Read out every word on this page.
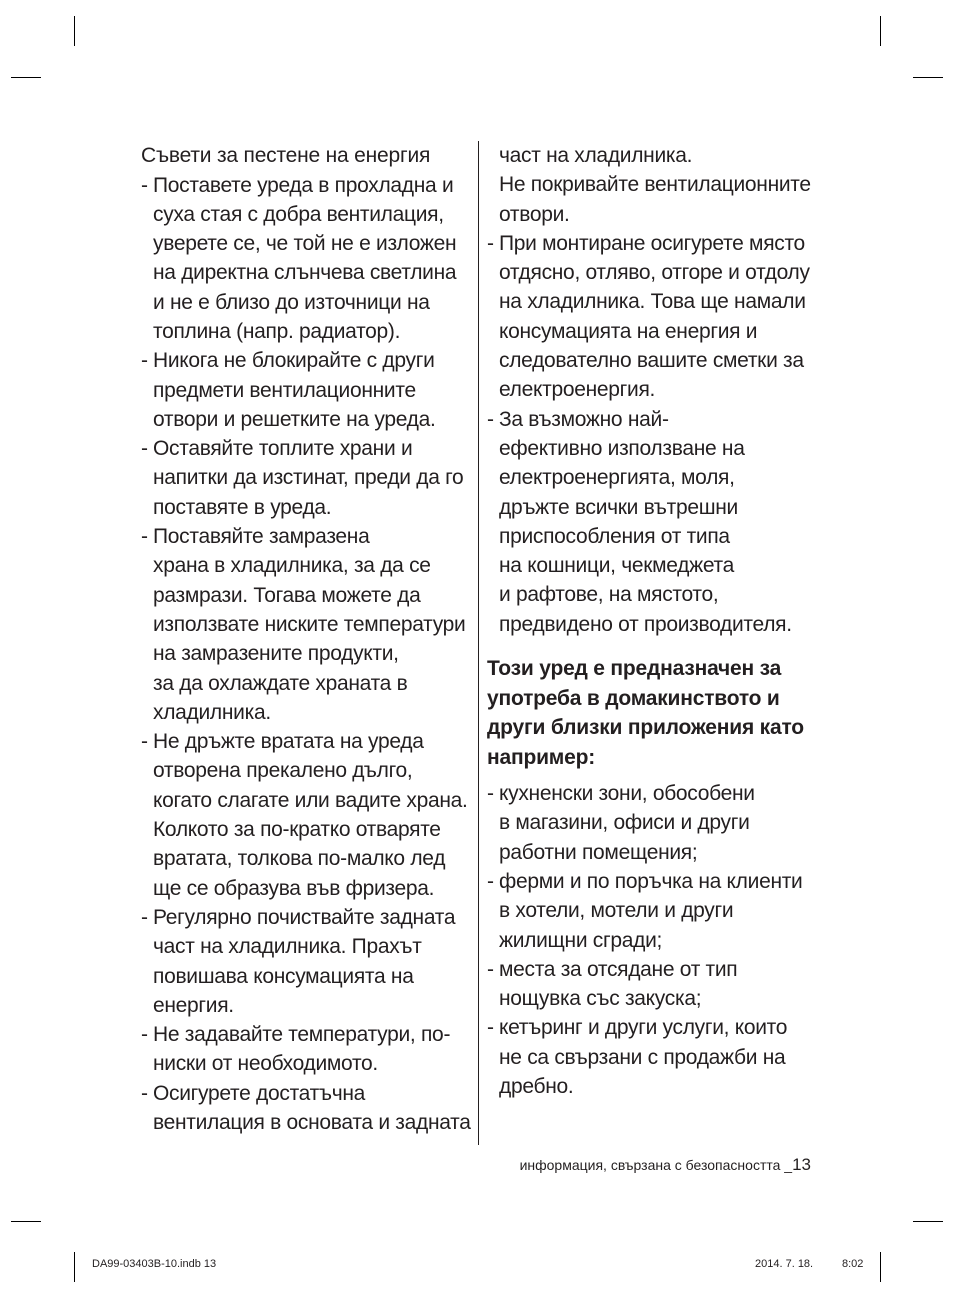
Съвети за пестене на енергия
- Поставете уреда в прохладна и
суха стая с добра вентилация,
уверете се, че той не е изложен
на директна слънчева светлина
и не е близо до източници на
топлина (напр. радиатор).
- Никога не блокирайте с други
предмети вентилационните
отвори и решетките на уреда.
- Оставяйте топлите храни и
напитки да изстинат, преди да го
поставяте в уреда.
- Поставяйте замразена
храна в хладилника, за да се
размрази. Тогава можете да
използвате ниските температури
на замразените продукти,
за да охлаждате храната в
хладилника.
- Не дръжте вратата на уреда
отворена прекалено дълго,
когато слагате или вадите храна.
Колкото за по-кратко отваряте
вратата, толкова по-малко лед
ще се образува във фризера.
- Регулярно почиствайте задната
част на хладилника. Прахът
повишава консумацията на
енергия.
- Не задавайте температури, по-
ниски от необходимото.
- Осигурете достатъчна
вентилация в основата и задната
част на хладилника.
Не покривайте вентилационните
отвори.
- При монтиране осигурете място
отдясно, отляво, отгоре и отдолу
на хладилника. Това ще намали
консумацията на енергия и
следователно вашите сметки за
електроенергия.
- За възможно най-
ефективно използване на
електроенергията, моля,
дръжте всички вътрешни
приспособления от типа
на кошници, чекмеджета
и рафтове, на мястото,
предвидено от производителя.
Този уред е предназначен за
употреба в домакинството и
други близки приложения като
например:
- кухненски зони, обособени
в магазини, офиси и други
работни помещения;
- ферми и по поръчка на клиенти
в хотели, мотели и други
жилищни сгради;
- места за отсядане от тип
нощувка със закуска;
- кетъринг и други услуги, които
не са свързани с продажби на
дребно.
информация, свързана с безопасността _13
DA99-03403B-10.indb 13	2014. 7. 18.	8:02
